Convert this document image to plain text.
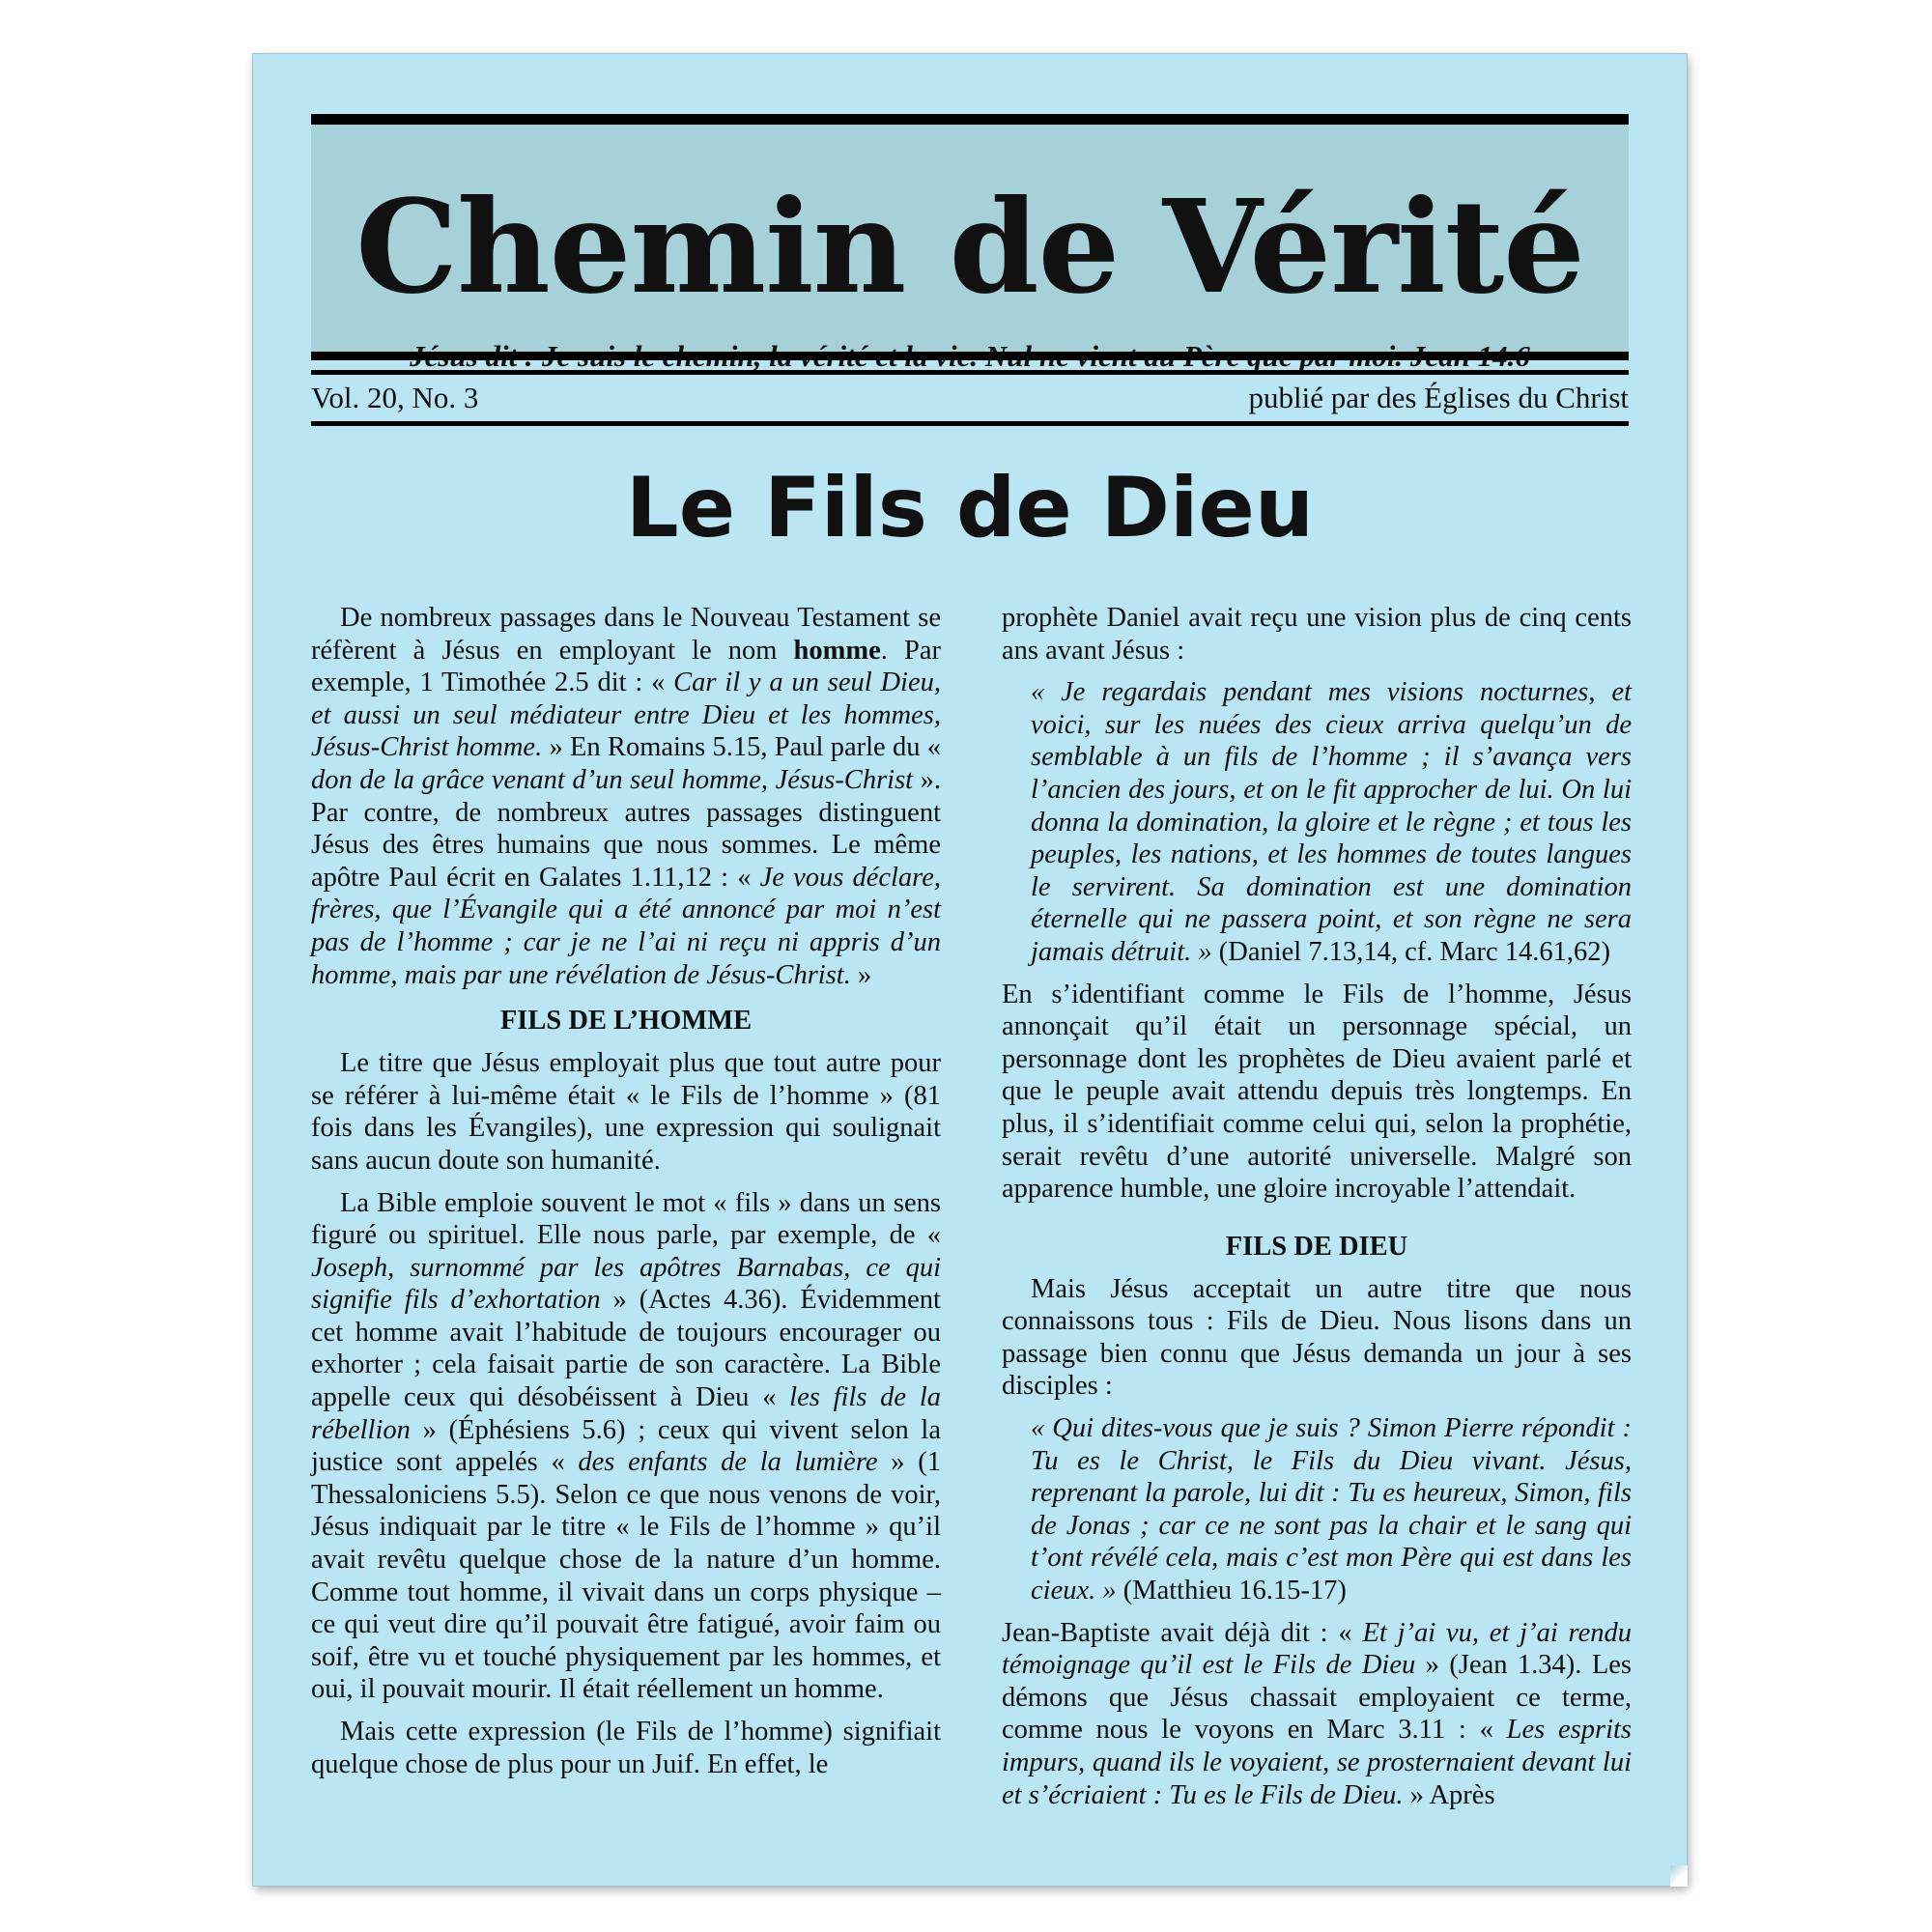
Chemin de Vérité
Vol. 20, No. 3	publié par des Églises du Christ
Le Fils de Dieu

De nombreux passages dans le Nouveau Testament se réfèrent à Jésus en employant le nom homme. Par exemple, 1 Timothée 2.5 dit : « Car il y a un seul Dieu, et aussi un seul médiateur entre Dieu et les hommes, Jésus-Christ homme. » En Romains 5.15, Paul parle du « don de la grâce venant d’un seul homme, Jésus-Christ ». Par contre, de nombreux autres passages distinguent Jésus des êtres humains que nous sommes. Le même apôtre Paul écrit en Galates 1.11,12 : « Je vous déclare, frères, que l’Évangile qui a été annoncé par moi n’est pas de l’homme ; car je ne l’ai ni reçu ni appris d’un homme, mais par une révélation de Jésus-Christ. »

FILS DE L’HOMME

Le titre que Jésus employait plus que tout autre pour se référer à lui-même était « le Fils de l’homme » (81 fois dans les Évangiles), une expression qui soulignait sans aucun doute son humanité.

La Bible emploie souvent le mot « fils » dans un sens figuré ou spirituel. Elle nous parle, par exemple, de « Joseph, surnommé par les apôtres Barnabas, ce qui signifie fils d’exhortation » (Actes 4.36). Évidemment cet homme avait l’habitude de toujours encourager ou exhorter ; cela faisait partie de son caractère. La Bible appelle ceux qui désobéissent à Dieu « les fils de la rébellion » (Éphésiens 5.6) ; ceux qui vivent selon la justice sont appelés « des enfants de la lumière » (1 Thessaloniciens 5.5). Selon ce que nous venons de voir, Jésus indiquait par le titre « le Fils de l’homme » qu’il avait revêtu quelque chose de la nature d’un homme. Comme tout homme, il vivait dans un corps physique – ce qui veut dire qu’il pouvait être fatigué, avoir faim ou soif, être vu et touché physiquement par les hommes, et oui, il pouvait mourir. Il était réellement un homme.

Mais cette expression (le Fils de l’homme) signifiait quelque chose de plus pour un Juif. En effet, le

prophète Daniel avait reçu une vision plus de cinq cents ans avant Jésus :

« Je regardais pendant mes visions nocturnes, et voici, sur les nuées des cieux arriva quelqu’un de semblable à un fils de l’homme ; il s’avança vers l’ancien des jours, et on le fit approcher de lui. On lui donna la domination, la gloire et le règne ; et tous les peuples, les nations, et les hommes de toutes langues le servirent. Sa domination est une domination éternelle qui ne passera point, et son règne ne sera jamais détruit. » (Daniel 7.13,14, cf. Marc 14.61,62)

En s’identifiant comme le Fils de l’homme, Jésus annonçait qu’il était un personnage spécial, un personnage dont les prophètes de Dieu avaient parlé et que le peuple avait attendu depuis très longtemps. En plus, il s’identifiait comme celui qui, selon la prophétie, serait revêtu d’une autorité universelle. Malgré son apparence humble, une gloire incroyable l’attendait.

FILS DE DIEU

Mais Jésus acceptait un autre titre que nous connaissons tous : Fils de Dieu. Nous lisons dans un passage bien connu que Jésus demanda un jour à ses disciples :

« Qui dites-vous que je suis ? Simon Pierre répondit : Tu es le Christ, le Fils du Dieu vivant. Jésus, reprenant la parole, lui dit : Tu es heureux, Simon, fils de Jonas ; car ce ne sont pas la chair et le sang qui t’ont révélé cela, mais c’est mon Père qui est dans les cieux. » (Matthieu 16.15-17)

Jean-Baptiste avait déjà dit : « Et j’ai vu, et j’ai rendu témoignage qu’il est le Fils de Dieu » (Jean 1.34). Les démons que Jésus chassait employaient ce terme, comme nous le voyons en Marc 3.11 : « Les esprits impurs, quand ils le voyaient, se prosternaient devant lui et s’écriaient : Tu es le Fils de Dieu. » Après
